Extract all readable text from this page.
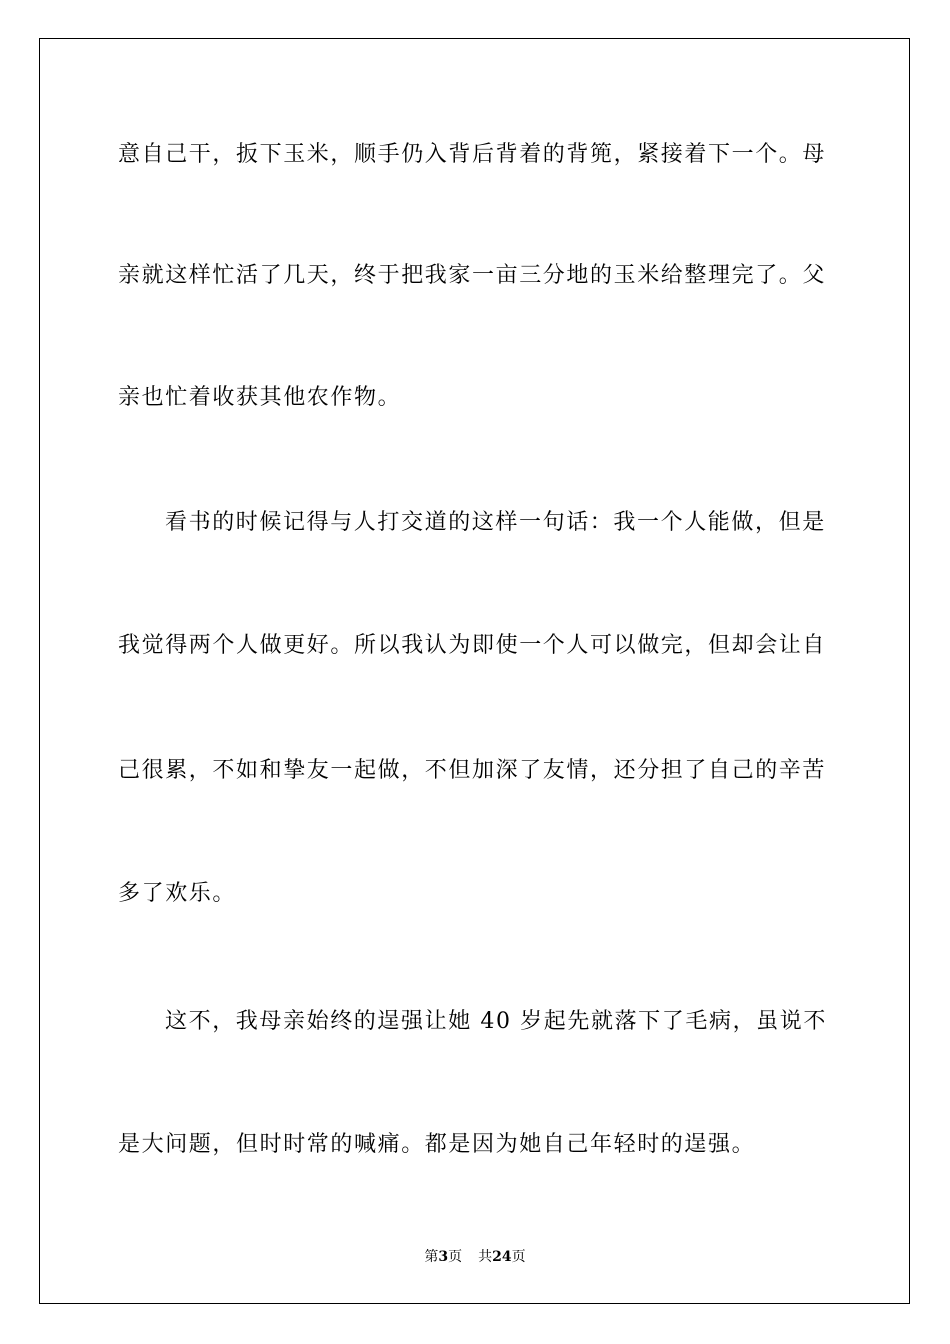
意自己干，扳下玉米，顺手仍入背后背着的背篼，紧接着下一个。母
亲就这样忙活了几天，终于把我家一亩三分地的玉米给整理完了。父
亲也忙着收获其他农作物。
看书的时候记得与人打交道的这样一句话：我一个人能做，但是
我觉得两个人做更好。所以我认为即使一个人可以做完，但却会让自
己很累，不如和挚友一起做，不但加深了友情，还分担了自己的辛苦
多了欢乐。
这不，我母亲始终的逞强让她 40 岁起先就落下了毛病，虽说不
是大问题，但时时常的喊痛。都是因为她自己年轻时的逞强。
第3页 共24页
